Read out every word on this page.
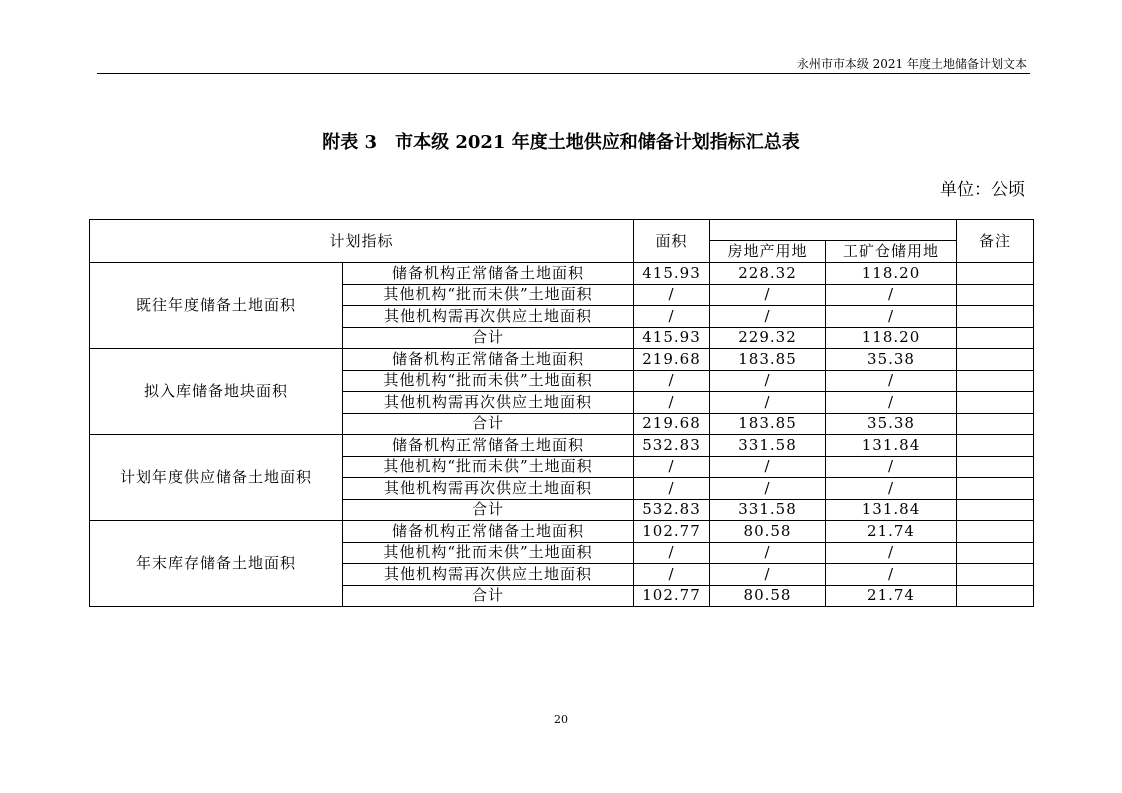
永州市市本级 2021 年度土地储备计划文本
附表 3 市本级 2021 年度土地供应和储备计划指标汇总表
单位：公顷
计划指标		面积			备注
			房地产用地	工矿仓储用地	
既往年度储备土地面积	储备机构正常储备土地面积	415.93	228.32	118.20	
	其他机构“批而未供”土地面积	/	/	/	
	其他机构需再次供应土地面积	/	/	/	
	合计	415.93	229.32	118.20	
拟入库储备地块面积	储备机构正常储备土地面积	219.68	183.85	35.38	
	其他机构“批而未供”土地面积	/	/	/	
	其他机构需再次供应土地面积	/	/	/	
	合计	219.68	183.85	35.38	
计划年度供应储备土地面积	储备机构正常储备土地面积	532.83	331.58	131.84	
	其他机构“批而未供”土地面积	/	/	/	
	其他机构需再次供应土地面积	/	/	/	
	合计	532.83	331.58	131.84	
年末库存储备土地面积	储备机构正常储备土地面积	102.77	80.58	21.74	
	其他机构“批而未供”土地面积	/	/	/	
	其他机构需再次供应土地面积	/	/	/	
	合计	102.77	80.58	21.74	
20
